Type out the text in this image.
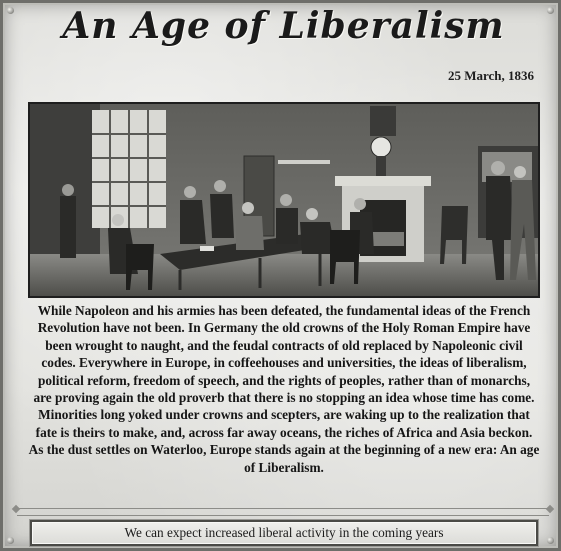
An Age of Liberalism
25 March, 1836

While Napoleon and his armies has been defeated, the fundamental ideas of the French Revolution have not been. In Germany the old crowns of the Holy Roman Empire have been wrought to naught, and the feudal contracts of old replaced by Napoleonic civil codes. Everywhere in Europe, in coffeehouses and universities, the ideas of liberalism, political reform, freedom of speech, and the rights of peoples, rather than of monarchs, are proving again the old proverb that there is no stopping an idea whose time has come. Minorities long yoked under crowns and scepters, are waking up to the realization that fate is theirs to make, and, across far away oceans, the riches of Africa and Asia beckon. As the dust settles on Waterloo, Europe stands again at the beginning of a new era: An age of Liberalism.

We can expect increased liberal activity in the coming years
